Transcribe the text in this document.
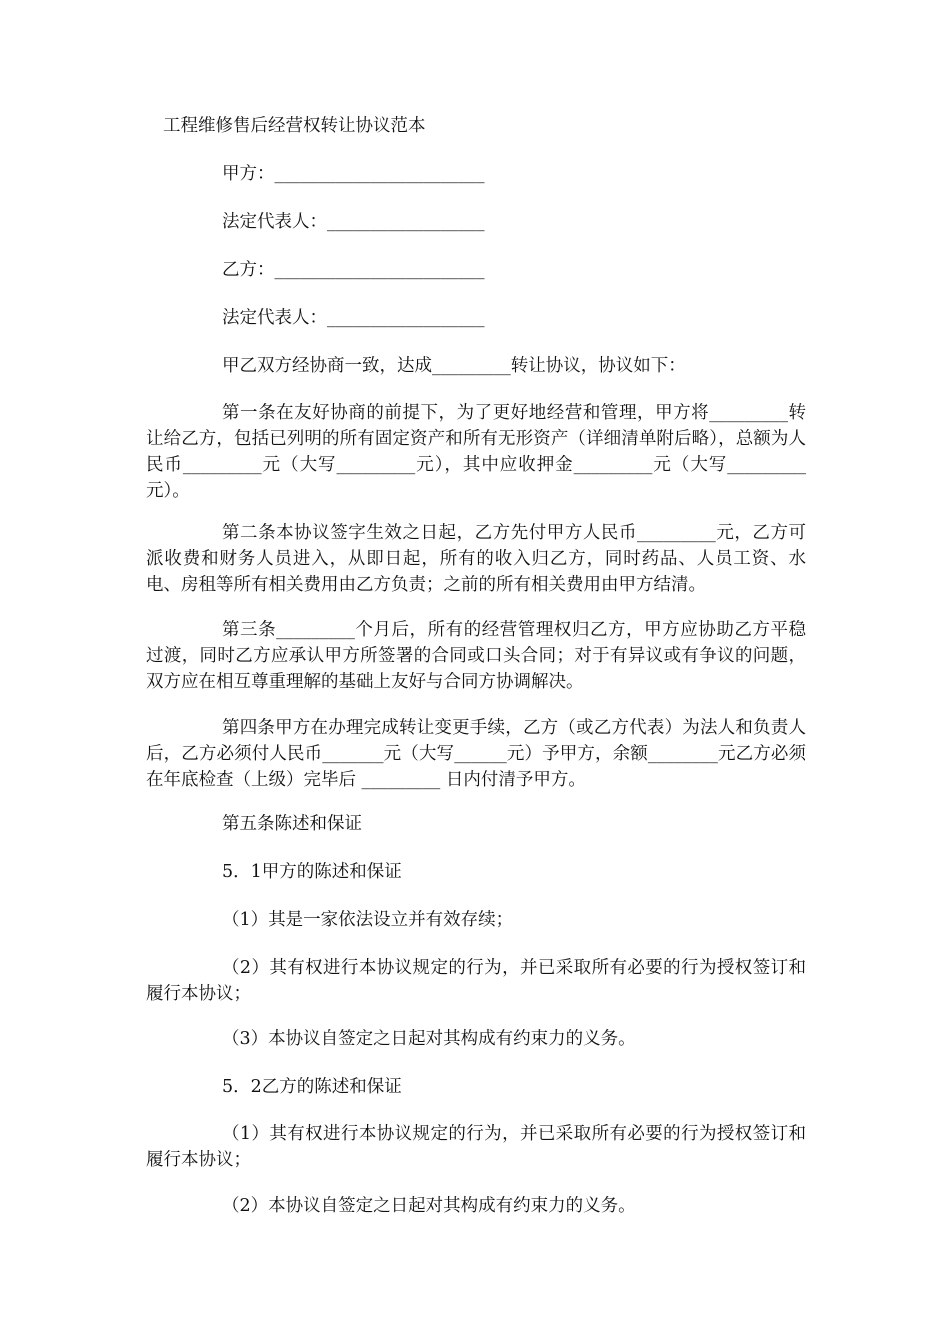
工程维修售后经营权转让协议范本
甲方：________________________
法定代表人：__________________
乙方：________________________
法定代表人：__________________
甲乙双方经协商一致，达成_________转让协议，协议如下：
第一条在友好协商的前提下，为了更好地经营和管理，甲方将_________转让给乙方，包括已列明的所有固定资产和所有无形资产（详细清单附后略），总额为人民币_________元（大写_________元），其中应收押金_________元（大写_________元）。
第二条本协议签字生效之日起，乙方先付甲方人民币_________元，乙方可派收费和财务人员进入，从即日起，所有的收入归乙方，同时药品、人员工资、水电、房租等所有相关费用由乙方负责；之前的所有相关费用由甲方结清。
第三条_________个月后，所有的经营管理权归乙方，甲方应协助乙方平稳过渡，同时乙方应承认甲方所签署的合同或口头合同；对于有异议或有争议的问题，双方应在相互尊重理解的基础上友好与合同方协调解决。
第四条甲方在办理完成转让变更手续，乙方（或乙方代表）为法人和负责人后，乙方必须付人民币_______元（大写______元）予甲方，余额________元乙方必须在年底检查（上级）完毕后 _________ 日内付清予甲方。
第五条陈述和保证
5．1甲方的陈述和保证
（1）其是一家依法设立并有效存续；
（2）其有权进行本协议规定的行为，并已采取所有必要的行为授权签订和履行本协议；
（3）本协议自签定之日起对其构成有约束力的义务。
5．2乙方的陈述和保证
（1）其有权进行本协议规定的行为，并已采取所有必要的行为授权签订和履行本协议；
（2）本协议自签定之日起对其构成有约束力的义务。
